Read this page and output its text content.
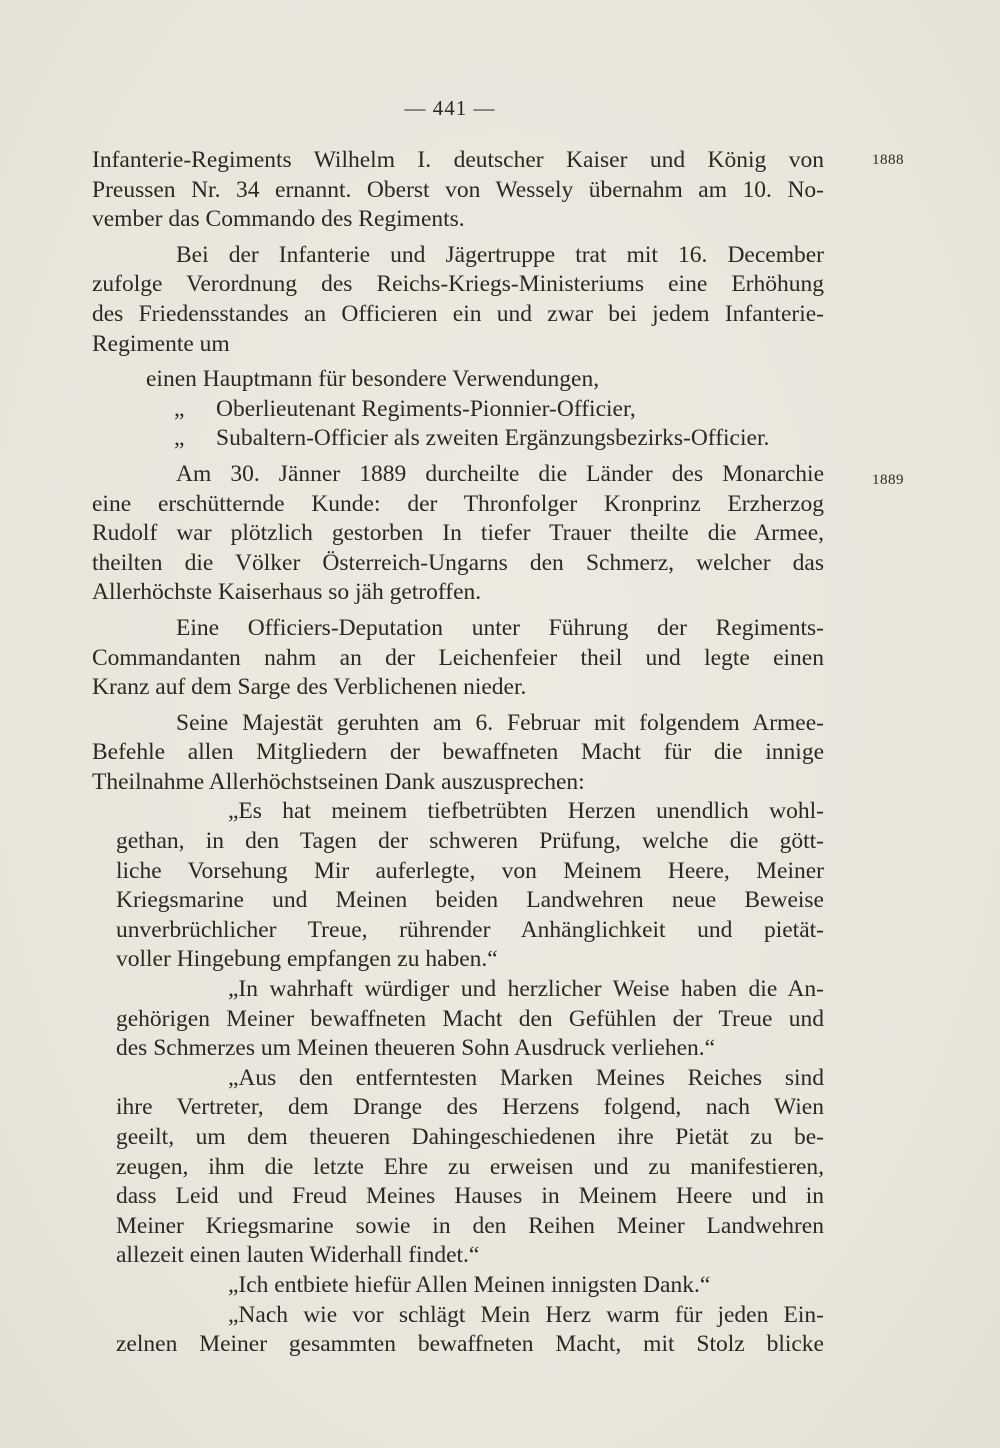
— 441 —
1888
1889
Infanterie-Regiments Wilhelm I. deutscher Kaiser und König von
Preussen Nr. 34 ernannt. Oberst von Wessely übernahm am 10. No-
vember das Commando des Regiments.
Bei der Infanterie und Jägertruppe trat mit 16. December
zufolge Verordnung des Reichs-Kriegs-Ministeriums eine Erhöhung
des Friedensstandes an Officieren ein und zwar bei jedem Infanterie-
Regimente um
einen Hauptmann für besondere Verwendungen,
„ Oberlieutenant Regiments-Pionnier-Officier,
„ Subaltern-Officier als zweiten Ergänzungsbezirks-Officier.
Am 30. Jänner 1889 durcheilte die Länder des Monarchie
eine erschütternde Kunde: der Thronfolger Kronprinz Erzherzog
Rudolf war plötzlich gestorben In tiefer Trauer theilte die Armee,
theilten die Völker Österreich-Ungarns den Schmerz, welcher das
Allerhöchste Kaiserhaus so jäh getroffen.
Eine Officiers-Deputation unter Führung der Regiments-
Commandanten nahm an der Leichenfeier theil und legte einen
Kranz auf dem Sarge des Verblichenen nieder.
Seine Majestät geruhten am 6. Februar mit folgendem Armee-
Befehle allen Mitgliedern der bewaffneten Macht für die innige
Theilnahme Allerhöchstseinen Dank auszusprechen:
„Es hat meinem tiefbetrübten Herzen unendlich wohl-
gethan, in den Tagen der schweren Prüfung, welche die gött-
liche Vorsehung Mir auferlegte, von Meinem Heere, Meiner
Kriegsmarine und Meinen beiden Landwehren neue Beweise
unverbrüchlicher Treue, rührender Anhänglichkeit und pietät-
voller Hingebung empfangen zu haben.“
„In wahrhaft würdiger und herzlicher Weise haben die An-
gehörigen Meiner bewaffneten Macht den Gefühlen der Treue und
des Schmerzes um Meinen theueren Sohn Ausdruck verliehen.“
„Aus den entferntesten Marken Meines Reiches sind
ihre Vertreter, dem Drange des Herzens folgend, nach Wien
geeilt, um dem theueren Dahingeschiedenen ihre Pietät zu be-
zeugen, ihm die letzte Ehre zu erweisen und zu manifestieren,
dass Leid und Freud Meines Hauses in Meinem Heere und in
Meiner Kriegsmarine sowie in den Reihen Meiner Landwehren
allezeit einen lauten Widerhall findet.“
„Ich entbiete hiefür Allen Meinen innigsten Dank.“
„Nach wie vor schlägt Mein Herz warm für jeden Ein-
zelnen Meiner gesammten bewaffneten Macht, mit Stolz blicke
